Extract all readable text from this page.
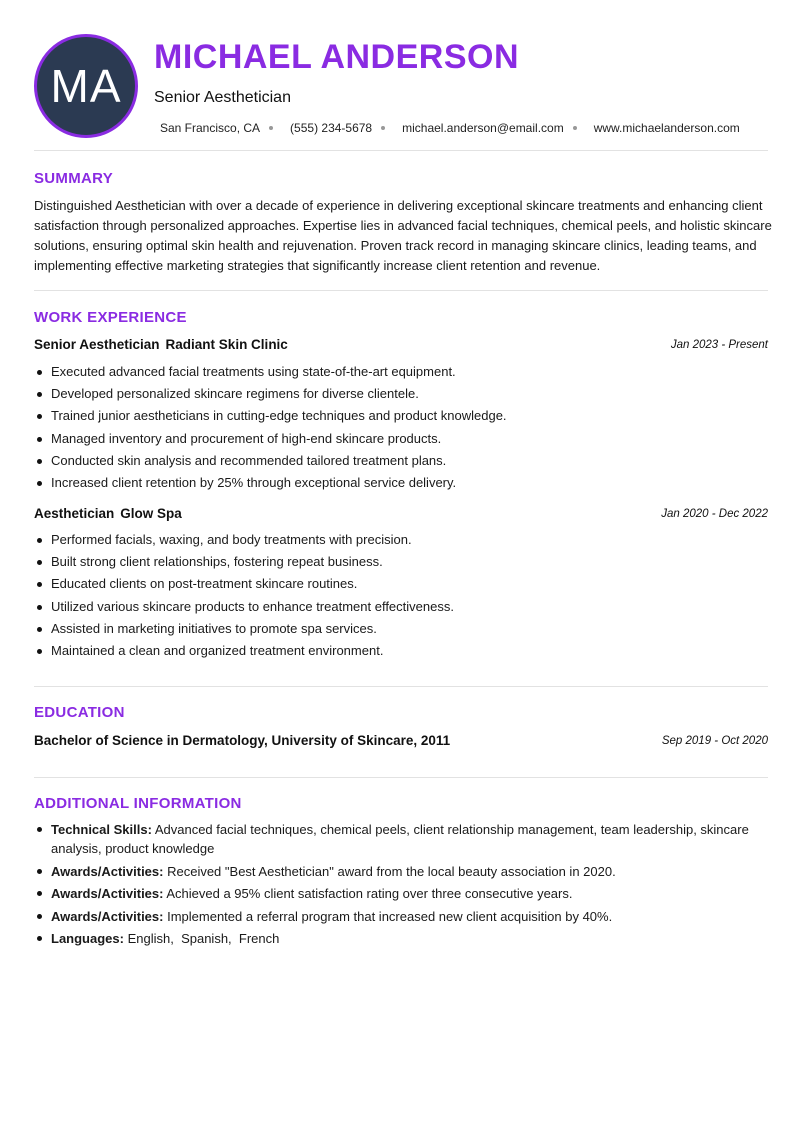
MA
MICHAEL ANDERSON
Senior Aesthetician
San Francisco, CA	(555) 234-5678	michael.anderson@email.com	www.michaelanderson.com
SUMMARY
Distinguished Aesthetician with over a decade of experience in delivering exceptional skincare treatments and enhancing client satisfaction through personalized approaches. Expertise lies in advanced facial techniques, chemical peels, and holistic skincare solutions, ensuring optimal skin health and rejuvenation. Proven track record in managing skincare clinics, leading teams, and implementing effective marketing strategies that significantly increase client retention and revenue.
WORK EXPERIENCE
Senior Aesthetician Radiant Skin Clinic	Jan 2023 - Present
Executed advanced facial treatments using state-of-the-art equipment.
Developed personalized skincare regimens for diverse clientele.
Trained junior aestheticians in cutting-edge techniques and product knowledge.
Managed inventory and procurement of high-end skincare products.
Conducted skin analysis and recommended tailored treatment plans.
Increased client retention by 25% through exceptional service delivery.
Aesthetician Glow Spa	Jan 2020 - Dec 2022
Performed facials, waxing, and body treatments with precision.
Built strong client relationships, fostering repeat business.
Educated clients on post-treatment skincare routines.
Utilized various skincare products to enhance treatment effectiveness.
Assisted in marketing initiatives to promote spa services.
Maintained a clean and organized treatment environment.
EDUCATION
Bachelor of Science in Dermatology, University of Skincare, 2011	Sep 2019 - Oct 2020
ADDITIONAL INFORMATION
Technical Skills: Advanced facial techniques, chemical peels, client relationship management, team leadership, skincare analysis, product knowledge
Awards/Activities: Received "Best Aesthetician" award from the local beauty association in 2020.
Awards/Activities: Achieved a 95% client satisfaction rating over three consecutive years.
Awards/Activities: Implemented a referral program that increased new client acquisition by 40%.
Languages: English,  Spanish,  French
